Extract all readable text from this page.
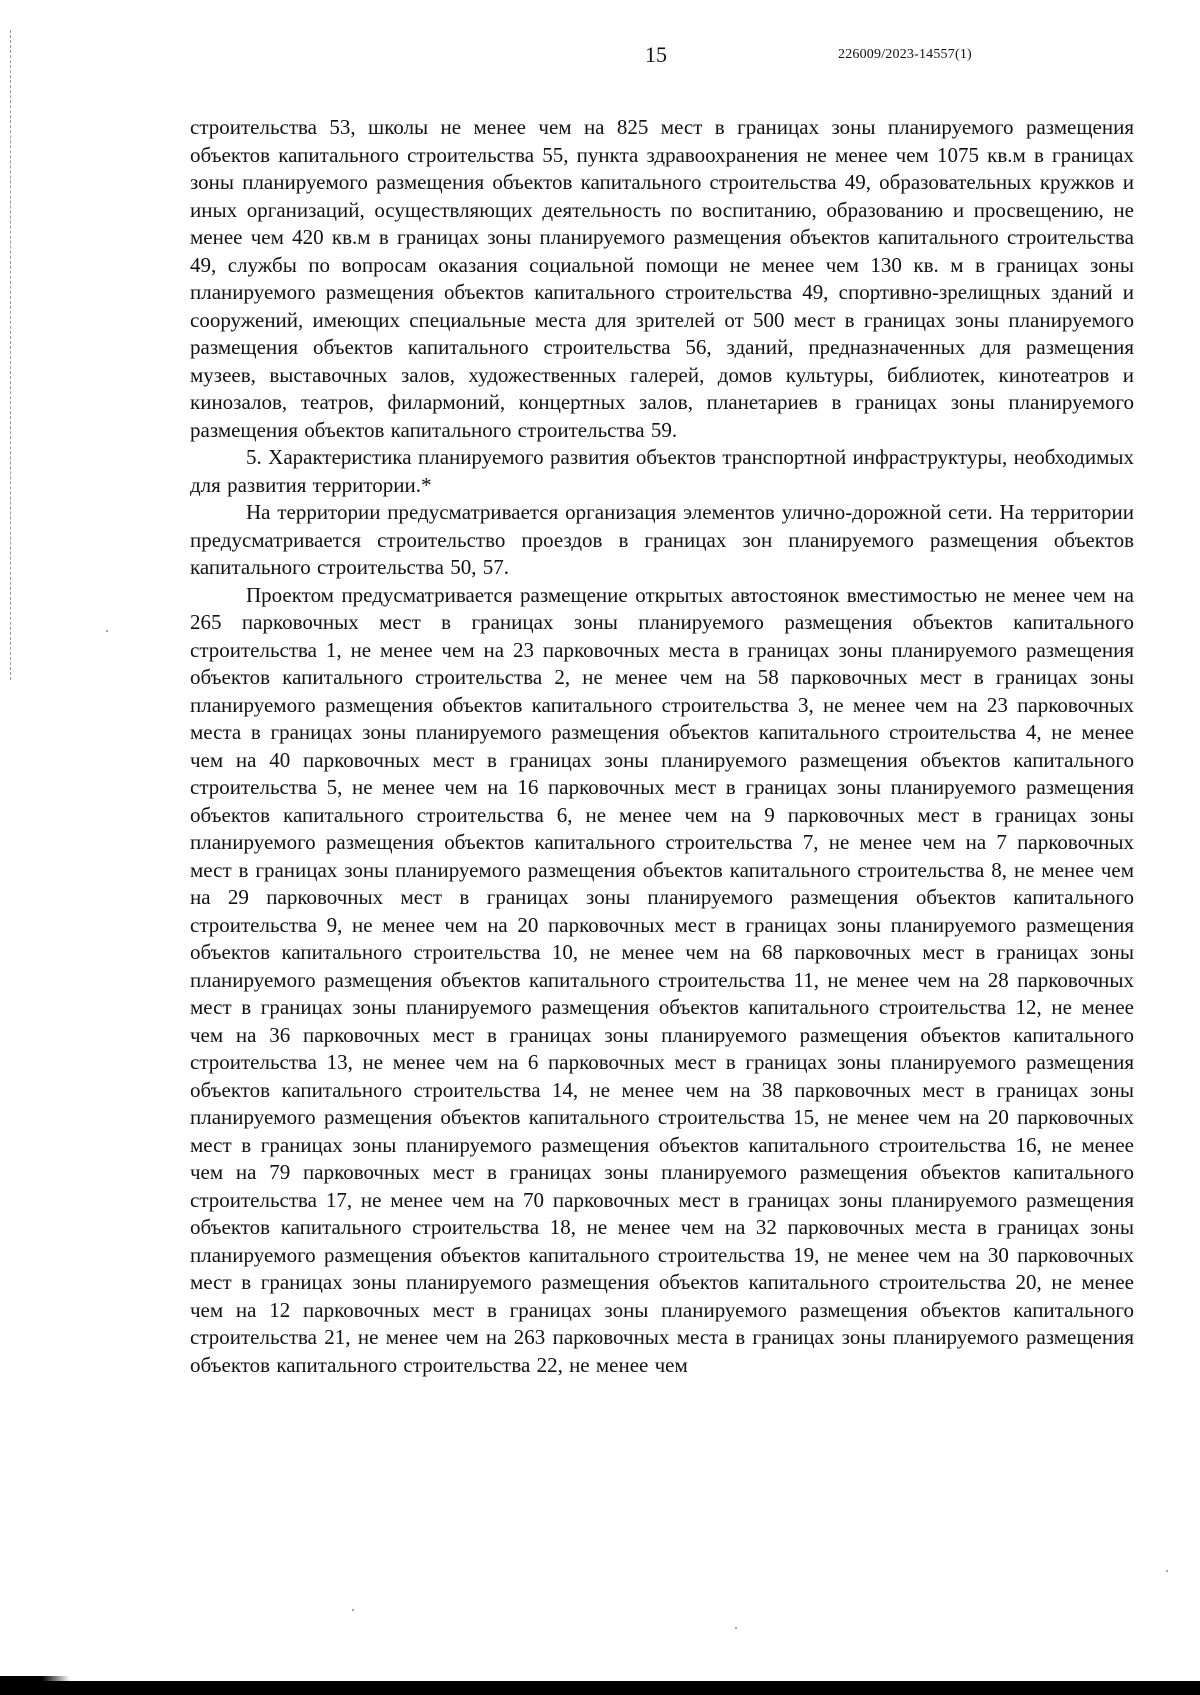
15	226009/2023-14557(1)

строительства 53, школы не менее чем на 825 мест в границах зоны планируемого размещения объектов капитального строительства 55, пункта здравоохранения не менее чем 1075 кв.м в границах зоны планируемого размещения объектов капитального строительства 49, образовательных кружков и иных организаций, осуществляющих деятельность по воспитанию, образованию и просвещению, не менее чем 420 кв.м в границах зоны планируемого размещения объектов капитального строительства 49, службы по вопросам оказания социальной помощи не менее чем 130 кв. м в границах зоны планируемого размещения объектов капитального строительства 49, спортивно-зрелищных зданий и сооружений, имеющих специальные места для зрителей от 500 мест в границах зоны планируемого размещения объектов капитального строительства 56, зданий, предназначенных для размещения музеев, выставочных залов, художественных галерей, домов культуры, библиотек, кинотеатров и кинозалов, театров, филармоний, концертных залов, планетариев в границах зоны планируемого размещения объектов капитального строительства 59.

5. Характеристика планируемого развития объектов транспортной инфраструктуры, необходимых для развития территории.*

На территории предусматривается организация элементов улично-дорожной сети. На территории предусматривается строительство проездов в границах зон планируемого размещения объектов капитального строительства 50, 57.

Проектом предусматривается размещение открытых автостоянок вместимостью не менее чем на 265 парковочных мест в границах зоны планируемого размещения объектов капитального строительства 1, не менее чем на 23 парковочных места в границах зоны планируемого размещения объектов капитального строительства 2, не менее чем на 58 парковочных мест в границах зоны планируемого размещения объектов капитального строительства 3, не менее чем на 23 парковочных места в границах зоны планируемого размещения объектов капитального строительства 4, не менее чем на 40 парковочных мест в границах зоны планируемого размещения объектов капитального строительства 5, не менее чем на 16 парковочных мест в границах зоны планируемого размещения объектов капитального строительства 6, не менее чем на 9 парковочных мест в границах зоны планируемого размещения объектов капитального строительства 7, не менее чем на 7 парковочных мест в границах зоны планируемого размещения объектов капитального строительства 8, не менее чем на 29 парковочных мест в границах зоны планируемого размещения объектов капитального строительства 9, не менее чем на 20 парковочных мест в границах зоны планируемого размещения объектов капитального строительства 10, не менее чем на 68 парковочных мест в границах зоны планируемого размещения объектов капитального строительства 11, не менее чем на 28 парковочных мест в границах зоны планируемого размещения объектов капитального строительства 12, не менее чем на 36 парковочных мест в границах зоны планируемого размещения объектов капитального строительства 13, не менее чем на 6 парковочных мест в границах зоны планируемого размещения объектов капитального строительства 14, не менее чем на 38 парковочных мест в границах зоны планируемого размещения объектов капитального строительства 15, не менее чем на 20 парковочных мест в границах зоны планируемого размещения объектов капитального строительства 16, не менее чем на 79 парковочных мест в границах зоны планируемого размещения объектов капитального строительства 17, не менее чем на 70 парковочных мест в границах зоны планируемого размещения объектов капитального строительства 18, не менее чем на 32 парковочных места в границах зоны планируемого размещения объектов капитального строительства 19, не менее чем на 30 парковочных мест в границах зоны планируемого размещения объектов капитального строительства 20, не менее чем на 12 парковочных мест в границах зоны планируемого размещения объектов капитального строительства 21, не менее чем на 263 парковочных места в границах зоны планируемого размещения объектов капитального строительства 22, не менее чем
